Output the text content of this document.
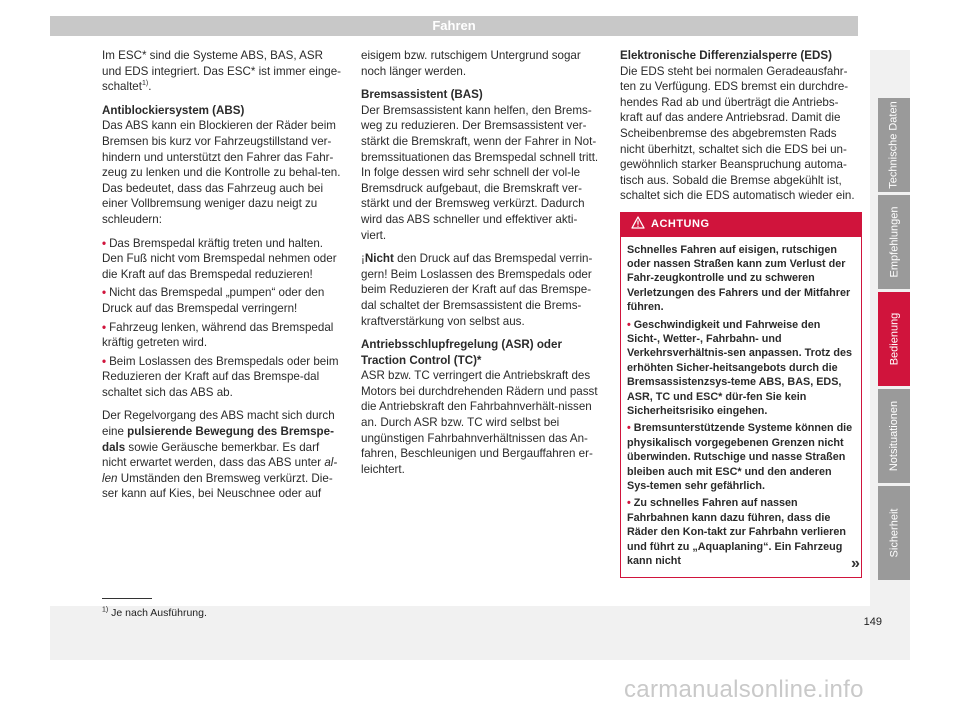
Fahren

Im ESC* sind die Systeme ABS, BAS, ASR und EDS integriert. Das ESC* ist immer einge-schaltet$^{1)}$.

Antiblockiersystem (ABS)

Das ABS kann ein Blockieren der Räder beim Bremsen bis kurz vor Fahrzeugstillstand ver-hindern und unterstützt den Fahrer das Fahr-zeug zu lenken und die Kontrolle zu behal-ten. Das bedeutet, dass das Fahrzeug auch bei einer Vollbremsung weniger dazu neigt zu schleudern:

• Das Bremspedal kräftig treten und halten. Den Fuß nicht vom Bremspedal nehmen oder die Kraft auf das Bremspedal reduzieren!
• Nicht das Bremspedal „pumpen“ oder den Druck auf das Bremspedal verringern!
• Fahrzeug lenken, während das Bremspedal kräftig getreten wird.
• Beim Loslassen des Bremspedals oder beim Reduzieren der Kraft auf das Bremspe-dal schaltet sich das ABS ab.

Der Regelvorgang des ABS macht sich durch eine pulsierende Bewegung des Bremspe-dals sowie Geräusche bemerkbar. Es darf nicht erwartet werden, dass das ABS unter al-len Umständen den Bremsweg verkürzt. Die-ser kann auf Kies, bei Neuschnee oder auf

eisigem bzw. rutschigem Untergrund sogar noch länger werden.

Bremsassistent (BAS)

Der Bremsassistent kann helfen, den Brems-weg zu reduzieren. Der Bremsassistent ver-stärkt die Bremskraft, wenn der Fahrer in Not-bremssituationen das Bremspedal schnell tritt. In folge dessen wird sehr schnell der vol-le Bremsdruck aufgebaut, die Bremskraft ver-stärkt und der Bremsweg verkürzt. Dadurch wird das ABS schneller und effektiver akti-viert.

¡Nicht den Druck auf das Bremspedal verrin-gern! Beim Loslassen des Bremspedals oder beim Reduzieren der Kraft auf das Bremspe-dal schaltet der Bremsassistent die Brems-kraftverstärkung von selbst aus.

Antriebsschlupfregelung (ASR) oder Traction Control (TC)*

ASR bzw. TC verringert die Antriebskraft des Motors bei durchdrehenden Rädern und passt die Antriebskraft den Fahrbahnverhält-nissen an. Durch ASR bzw. TC wird selbst bei ungünstigen Fahrbahnverhältnissen das An-fahren, Beschleunigen und Bergauffahren er-leichtert.

Elektronische Differenzialsperre (EDS)

Die EDS steht bei normalen Geradeausfahr-ten zu Verfügung. EDS bremst ein durchdre-hendes Rad ab und überträgt die Antriebs-kraft auf das andere Antriebsrad. Damit die Scheibenbremse des abgebremsten Rads nicht überhitzt, schaltet sich die EDS bei un-gewöhnlich starker Beanspruchung automa-tisch aus. Sobald die Bremse abgekühlt ist, schaltet sich die EDS automatisch wieder ein.

ACHTUNG

Schnelles Fahren auf eisigen, rutschigen oder nassen Straßen kann zum Verlust der Fahr-zeugkontrolle und zu schweren Verletzungen des Fahrers und der Mitfahrer führen.

• Geschwindigkeit und Fahrweise den Sicht-, Wetter-, Fahrbahn- und Verkehrsverhältnis-sen anpassen. Trotz des erhöhten Sicher-heitsangebots durch die Bremsassistenzsys-teme ABS, BAS, EDS, ASR, TC und ESC* dür-fen Sie kein Sicherheitsrisiko eingehen.

• Bremsunterstützende Systeme können die physikalisch vorgegebenen Grenzen nicht überwinden. Rutschige und nasse Straßen bleiben auch mit ESC* und den anderen Sys-temen sehr gefährlich.

• Zu schnelles Fahren auf nassen Fahrbahnen kann dazu führen, dass die Räder den Kon-takt zur Fahrbahn verlieren und führt zu „Aquaplaning“. Ein Fahrzeug kann nicht	»
Technische Daten
Empfehlungen
Bedienung
Notsituationen
Sicherheit
$^{1)}$ Je nach Ausführung.
149
carmanualsonline.info
